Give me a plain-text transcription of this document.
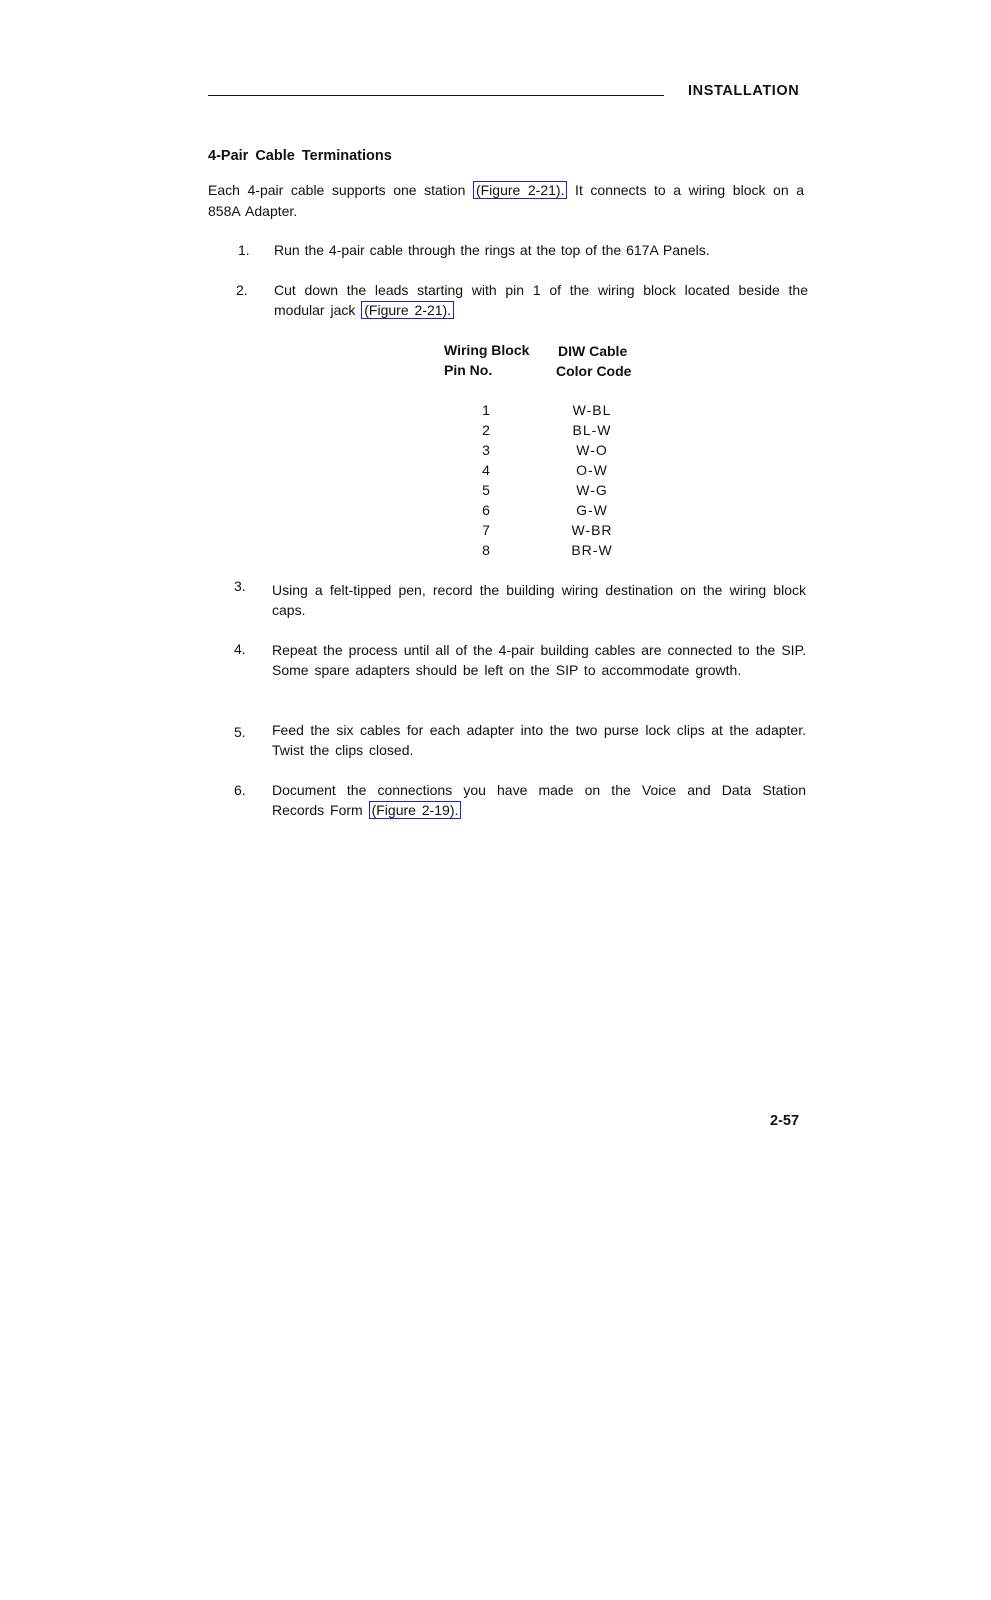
INSTALLATION
4-Pair Cable Terminations
Each 4-pair cable supports one station (Figure 2-21). It connects to a wiring block on a 858A Adapter.
1. Run the 4-pair cable through the rings at the top of the 617A Panels.
2. Cut down the leads starting with pin 1 of the wiring block located beside the modular jack (Figure 2-21).
Wiring Block
Pin No.
DIW Cable
Color Code
1
2
3
4
5
6
7
8
W-BL
BL-W
W-O
O-W
W-G
G-W
W-BR
BR-W
3. Using a felt-tipped pen, record the building wiring destination on the wiring block caps.
4. Repeat the process until all of the 4-pair building cables are connected to the SIP. Some spare adapters should be left on the SIP to accommodate growth.
5. Feed the six cables for each adapter into the two purse lock clips at the adapter. Twist the clips closed.
6. Document the connections you have made on the Voice and Data Station Records Form (Figure 2-19).
2-57
